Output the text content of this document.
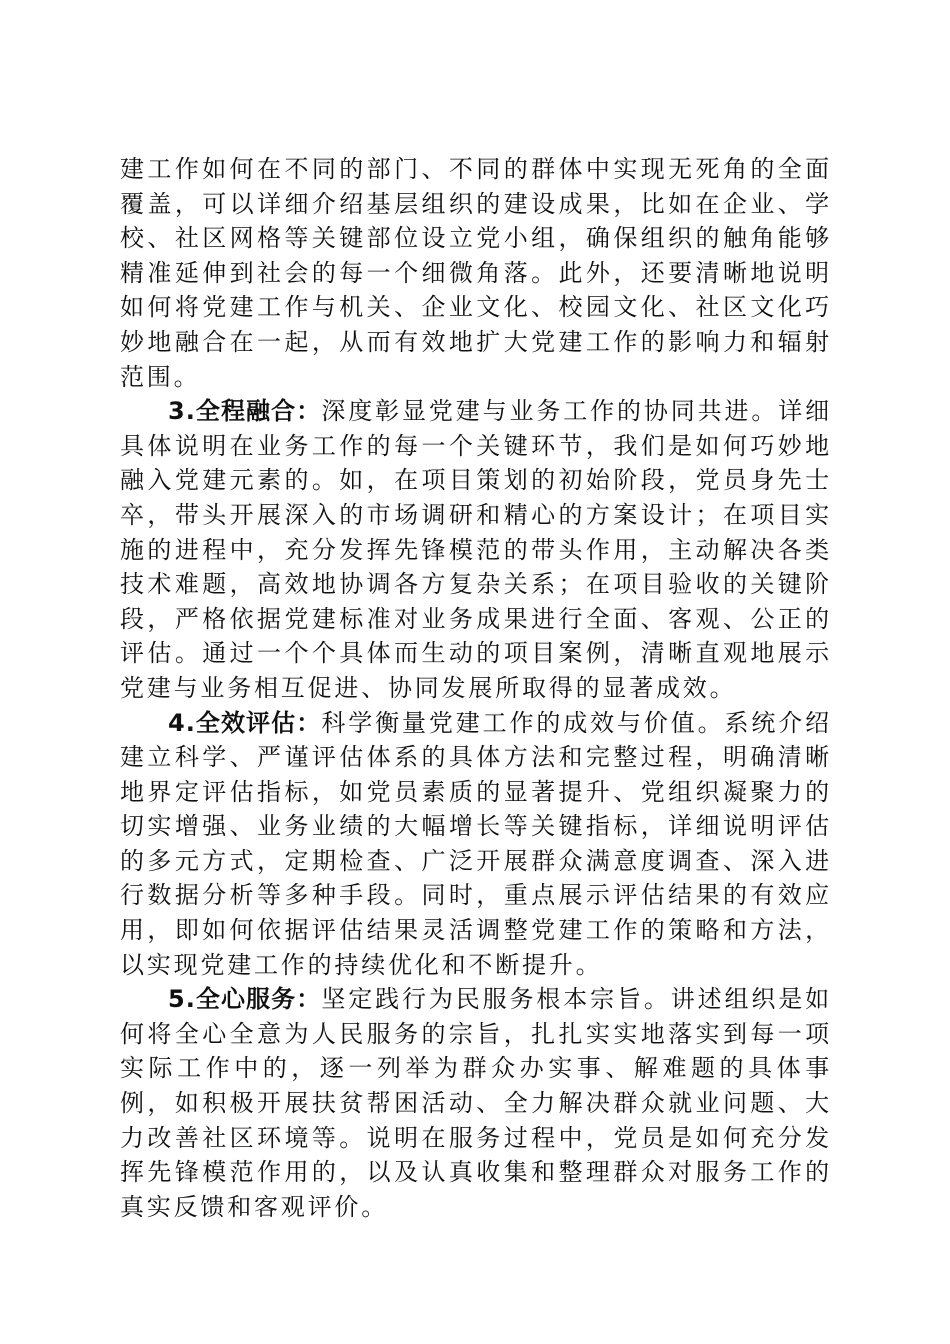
建工作如何在不同的部门、不同的群体中实现无死角的全面覆盖，可以详细介绍基层组织的建设成果，比如在企业、学校、社区网格等关键部位设立党小组，确保组织的触角能够精准延伸到社会的每一个细微角落。此外，还要清晰地说明如何将党建工作与机关、企业文化、校园文化、社区文化巧妙地融合在一起，从而有效地扩大党建工作的影响力和辐射范围。

3.全程融合：深度彰显党建与业务工作的协同共进。详细具体说明在业务工作的每一个关键环节，我们是如何巧妙地融入党建元素的。如，在项目策划的初始阶段，党员身先士卒，带头开展深入的市场调研和精心的方案设计；在项目实施的进程中，充分发挥先锋模范的带头作用，主动解决各类技术难题，高效地协调各方复杂关系；在项目验收的关键阶段，严格依据党建标准对业务成果进行全面、客观、公正的评估。通过一个个具体而生动的项目案例，清晰直观地展示党建与业务相互促进、协同发展所取得的显著成效。

4.全效评估：科学衡量党建工作的成效与价值。系统介绍建立科学、严谨评估体系的具体方法和完整过程，明确清晰地界定评估指标，如党员素质的显著提升、党组织凝聚力的切实增强、业务业绩的大幅增长等关键指标，详细说明评估的多元方式，定期检查、广泛开展群众满意度调查、深入进行数据分析等多种手段。同时，重点展示评估结果的有效应用，即如何依据评估结果灵活调整党建工作的策略和方法，以实现党建工作的持续优化和不断提升。

5.全心服务：坚定践行为民服务根本宗旨。讲述组织是如何将全心全意为人民服务的宗旨，扎扎实实地落实到每一项实际工作中的，逐一列举为群众办实事、解难题的具体事例，如积极开展扶贫帮困活动、全力解决群众就业问题、大力改善社区环境等。说明在服务过程中，党员是如何充分发挥先锋模范作用的，以及认真收集和整理群众对服务工作的真实反馈和客观评价。
